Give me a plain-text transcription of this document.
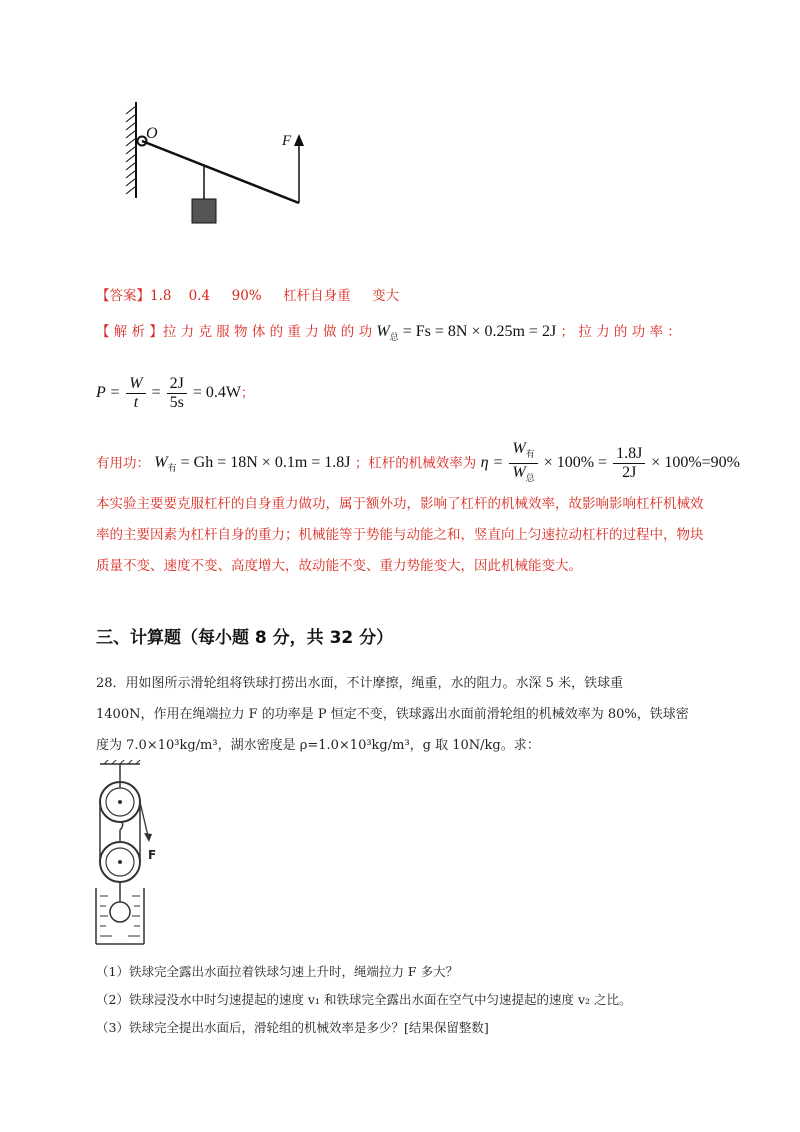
O	F
【答案】1.8 0.4 90% 杠杆自身重 变大
【 解 析 】拉 力 克 服 物 体 的 重 力 做 的 功 $W_总 = Fs = 8N \times 0.25m = 2J$ ； 拉 力 的 功 率 ：
$P = \frac{W}{t} = \frac{2J}{5s} = 0.4W$；
有用功： $W_有 = Gh = 18N \times 0.1m = 1.8J$ ；杠杆的机械效率为 $\eta = \frac{W_有}{W_总} \times 100\% = \frac{1.8J}{2J} \times 100\%=90\%$
本实验主要要克服杠杆的自身重力做功，属于额外功，影响了杠杆的机械效率，故影响影响杠杆机械效率的主要因素为杠杆自身的重力；机械能等于势能与动能之和，竖直向上匀速拉动杠杆的过程中，物块质量不变、速度不变、高度增大，故动能不变、重力势能变大，因此机械能变大。
三、计算题（每小题 8 分，共 32 分）
28．用如图所示滑轮组将铁球打捞出水面，不计摩擦，绳重，水的阻力。水深 5 米，铁球重
1400N，作用在绳端拉力 F 的功率是 P 恒定不变，铁球露出水面前滑轮组的机械效率为 80%，铁球密
度为 7.0×10³kg/m³，湖水密度是 ρ=1.0×10³kg/m³，g 取 10N/kg。求：
F
（1）铁球完全露出水面拉着铁球匀速上升时，绳端拉力 F 多大？
（2）铁球浸没水中时匀速提起的速度 v₁ 和铁球完全露出水面在空气中匀速提起的速度 v₂ 之比。
（3）铁球完全提出水面后，滑轮组的机械效率是多少？[结果保留整数]
